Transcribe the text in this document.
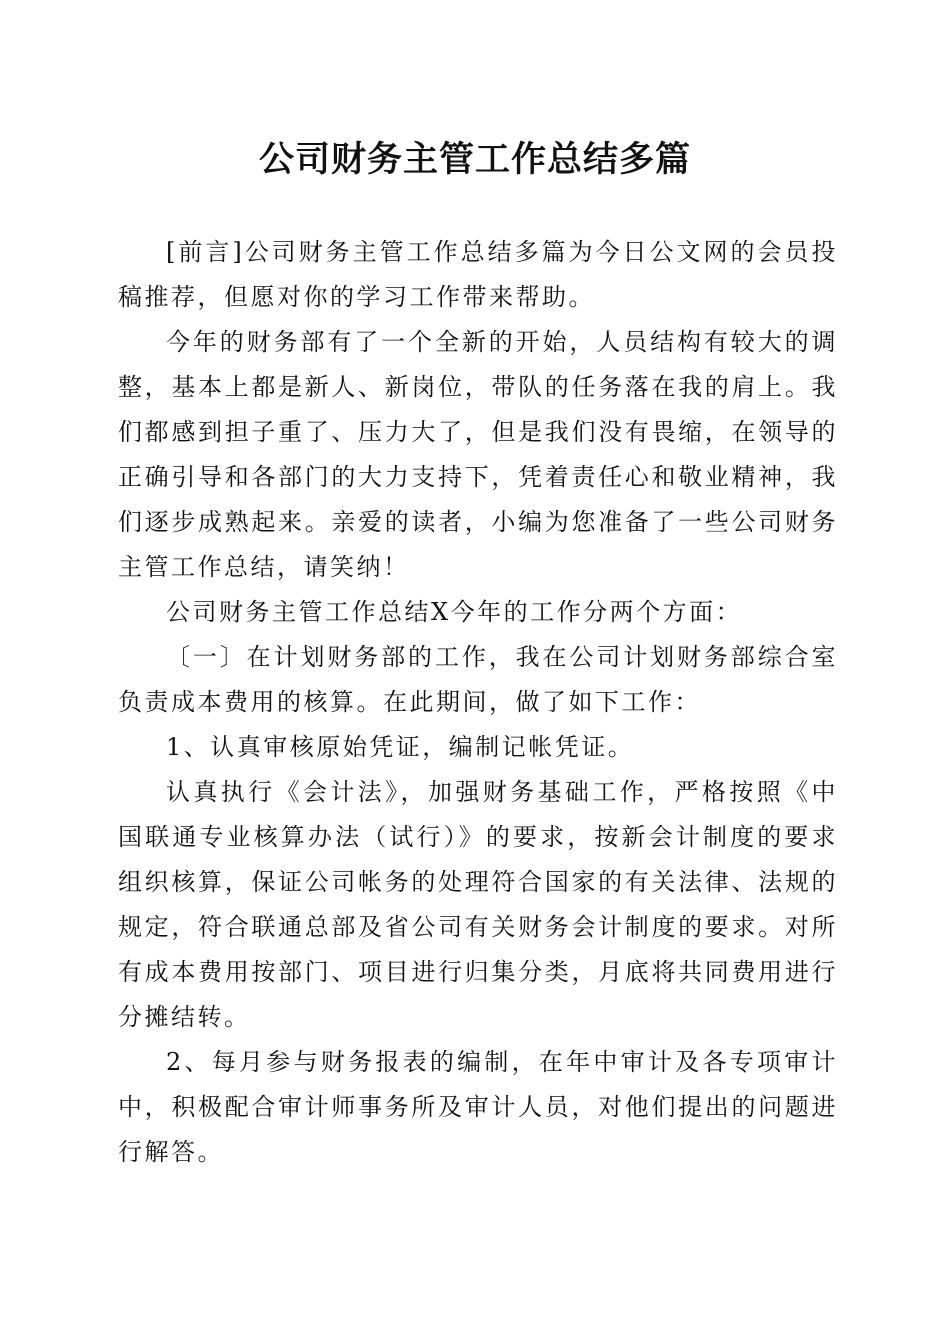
公司财务主管工作总结多篇

[前言]公司财务主管工作总结多篇为今日公文网的会员投稿推荐，但愿对你的学习工作带来帮助。

今年的财务部有了一个全新的开始，人员结构有较大的调整，基本上都是新人、新岗位，带队的任务落在我的肩上。我们都感到担子重了、压力大了，但是我们没有畏缩，在领导的正确引导和各部门的大力支持下，凭着责任心和敬业精神，我们逐步成熟起来。亲爱的读者，小编为您准备了一些公司财务主管工作总结，请笑纳！

公司财务主管工作总结X今年的工作分两个方面：

〔一〕在计划财务部的工作，我在公司计划财务部综合室负责成本费用的核算。在此期间，做了如下工作：

1、认真审核原始凭证，编制记帐凭证。

认真执行《会计法》，加强财务基础工作，严格按照《中国联通专业核算办法（试行）》的要求，按新会计制度的要求组织核算，保证公司帐务的处理符合国家的有关法律、法规的规定，符合联通总部及省公司有关财务会计制度的要求。对所有成本费用按部门、项目进行归集分类，月底将共同费用进行分摊结转。

2、每月参与财务报表的编制，在年中审计及各专项审计中，积极配合审计师事务所及审计人员，对他们提出的问题进行解答。
